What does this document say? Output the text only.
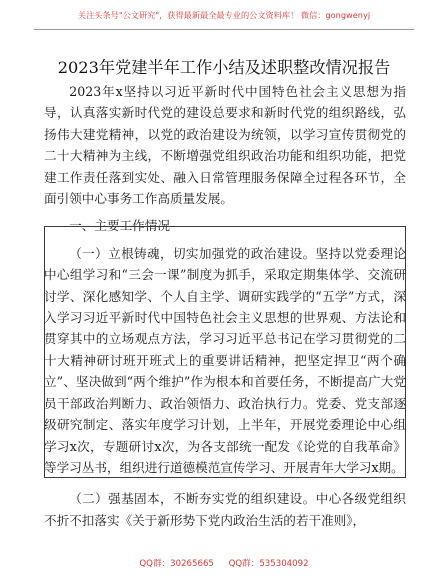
关注头条号"公文研究"，获得最新最全最专业的公文资料库！ 微信：gongwenyj
2023年党建半年工作小结及述职整改情况报告

2023年x坚持以习近平新时代中国特色社会主义思想为指导，认真落实新时代党的建设总要求和新时代党的组织路线，弘扬伟大建党精神，以党的政治建设为统领，以学习宣传贯彻党的二十大精神为主线，不断增强党组织政治功能和组织功能，把党建工作责任落到实处、融入日常管理服务保障全过程各环节，全面引领中心事务工作高质量发展。

一、主要工作情况

（一）立根铸魂，切实加强党的政治建设。坚持以党委理论中心组学习和“三会一课”制度为抓手，采取定期集体学、交流研讨学、深化感知学、个人自主学、调研实践学的“五学”方式，深入学习习近平新时代中国特色社会主义思想的世界观、方法论和贯穿其中的立场观点方法，学习习近平总书记在学习贯彻党的二十大精神研讨班开班式上的重要讲话精神，把坚定捍卫“两个确立”、坚决做到“两个维护”作为根本和首要任务，不断提高广大党员干部政治判断力、政治领悟力、政治执行力。党委、党支部逐级研究制定、落实年度学习计划，上半年，开展党委理论中心组学习x次，专题研讨x次，为各支部统一配发《论党的自我革命》等学习丛书，组织进行道德模范宣传学习、开展青年大学习x期。

（二）强基固本，不断夯实党的组织建设。中心各级党组织不折不扣落实《关于新形势下党内政治生活的若干准则》，

QQ群：30265665 QQ群：535304092
